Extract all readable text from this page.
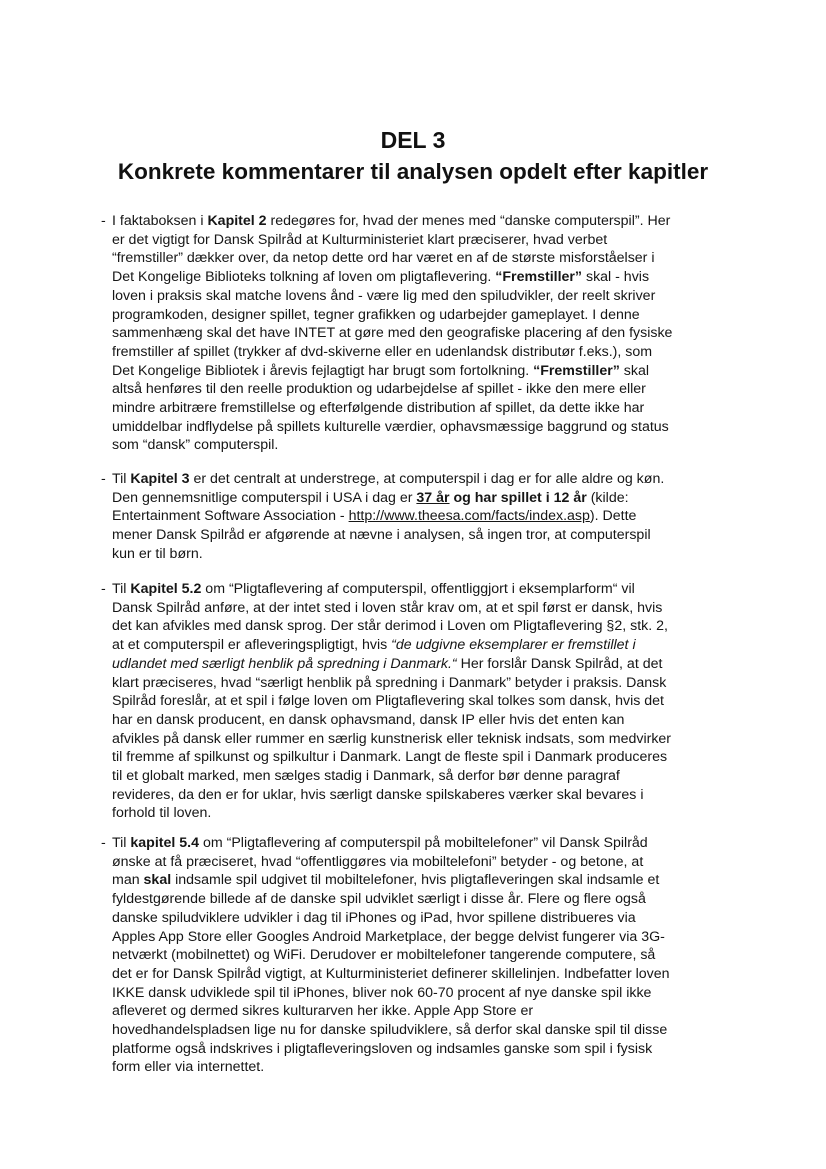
DEL 3
Konkrete kommentarer til analysen opdelt efter kapitler
- I faktaboksen i Kapitel 2 redegøres for, hvad der menes med “danske computerspil”. Her
er det vigtigt for Dansk Spilråd at Kulturministeriet klart præciserer, hvad verbet
“fremstiller” dækker over, da netop dette ord har været en af de største misforståelser i
Det Kongelige Biblioteks tolkning af loven om pligtaflevering. “Fremstiller” skal - hvis
loven i praksis skal matche lovens ånd - være lig med den spiludvikler, der reelt skriver
programkoden, designer spillet, tegner grafikken og udarbejder gameplayet. I denne
sammenhæng skal det have INTET at gøre med den geografiske placering af den fysiske
fremstiller af spillet (trykker af dvd-skiverne eller en udenlandsk distributør f.eks.), som
Det Kongelige Bibliotek i årevis fejlagtigt har brugt som fortolkning. “Fremstiller” skal
altså henføres til den reelle produktion og udarbejdelse af spillet - ikke den mere eller
mindre arbitrære fremstillelse og efterfølgende distribution af spillet, da dette ikke har
umiddelbar indflydelse på spillets kulturelle værdier, ophavsmæssige baggrund og status
som “dansk” computerspil.
- Til Kapitel 3 er det centralt at understrege, at computerspil i dag er for alle aldre og køn.
Den gennemsnitlige computerspil i USA i dag er 37 år og har spillet i 12 år (kilde:
Entertainment Software Association - http://www.theesa.com/facts/index.asp). Dette
mener Dansk Spilråd er afgørende at nævne i analysen, så ingen tror, at computerspil
kun er til børn.
- Til Kapitel 5.2 om “Pligtaflevering af computerspil, offentliggjort i eksemplarform“ vil
Dansk Spilråd anføre, at der intet sted i loven står krav om, at et spil først er dansk, hvis
det kan afvikles med dansk sprog. Der står derimod i Loven om Pligtaflevering §2, stk. 2,
at et computerspil er afleveringspligtigt, hvis “de udgivne eksemplarer er fremstillet i
udlandet med særligt henblik på spredning i Danmark.“ Her forslår Dansk Spilråd, at det
klart præciseres, hvad “særligt henblik på spredning i Danmark” betyder i praksis. Dansk
Spilråd foreslår, at et spil i følge loven om Pligtaflevering skal tolkes som dansk, hvis det
har en dansk producent, en dansk ophavsmand, dansk IP eller hvis det enten kan
afvikles på dansk eller rummer en særlig kunstnerisk eller teknisk indsats, som medvirker
til fremme af spilkunst og spilkultur i Danmark. Langt de fleste spil i Danmark produceres
til et globalt marked, men sælges stadig i Danmark, så derfor bør denne paragraf
revideres, da den er for uklar, hvis særligt danske spilskaberes værker skal bevares i
forhold til loven.
- Til kapitel 5.4 om “Pligtaflevering af computerspil på mobiltelefoner” vil Dansk Spilråd
ønske at få præciseret, hvad “offentliggøres via mobiltelefoni” betyder - og betone, at
man skal indsamle spil udgivet til mobiltelefoner, hvis pligtafleveringen skal indsamle et
fyldestgørende billede af de danske spil udviklet særligt i disse år. Flere og flere også
danske spiludviklere udvikler i dag til iPhones og iPad, hvor spillene distribueres via
Apples App Store eller Googles Android Marketplace, der begge delvist fungerer via 3G-
netværkt (mobilnettet) og WiFi. Derudover er mobiltelefoner tangerende computere, så
det er for Dansk Spilråd vigtigt, at Kulturministeriet definerer skillelinjen. Indbefatter loven
IKKE dansk udviklede spil til iPhones, bliver nok 60-70 procent af nye danske spil ikke
afleveret og dermed sikres kulturarven her ikke. Apple App Store er
hovedhandelspladsen lige nu for danske spiludviklere, så derfor skal danske spil til disse
platforme også indskrives i pligtafleveringsloven og indsamles ganske som spil i fysisk
form eller via internettet.
